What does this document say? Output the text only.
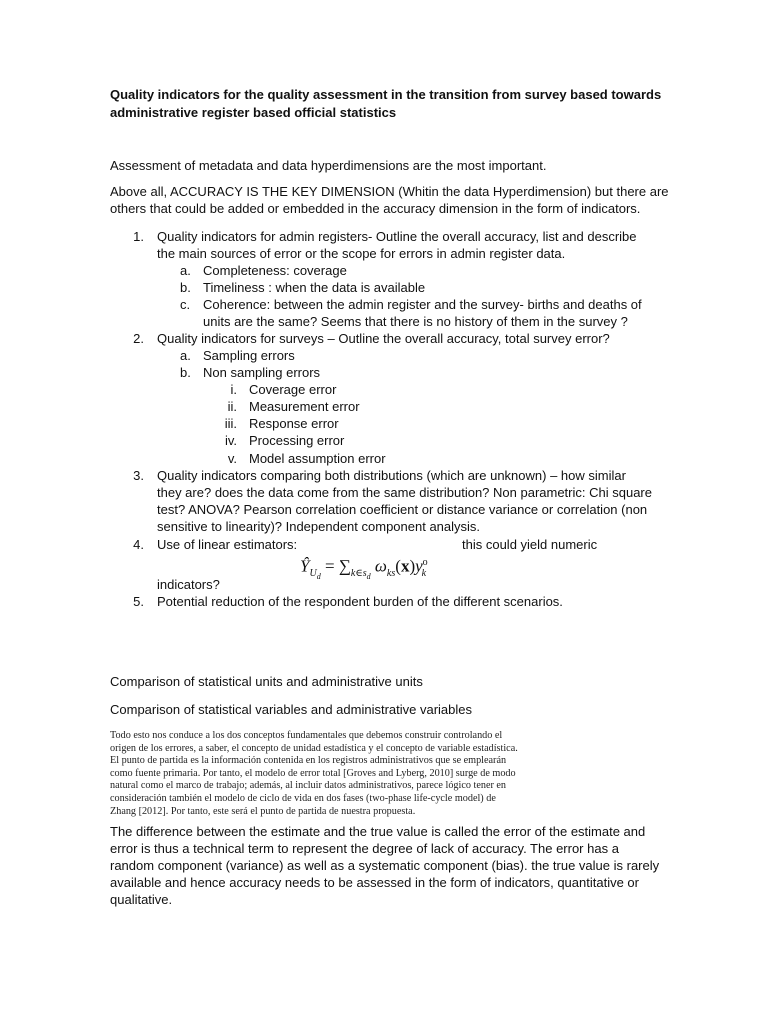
Quality indicators for the quality assessment in the transition from survey based towards
administrative register based official statistics
Assessment of metadata and data hyperdimensions are the most important.
Above all, ACCURACY IS THE KEY DIMENSION (Whitin the data Hyperdimension) but there are
others that could be added or embedded in the accuracy dimension in the form of indicators.
1. Quality indicators for admin registers- Outline the overall accuracy, list and describe
the main sources of error or the scope for errors in admin register data.
a. Completeness: coverage
b. Timeliness : when the data is available
c. Coherence: between the admin register and the survey- births and deaths of
units are the same? Seems that there is no history of them in the survey ?
2. Quality indicators for surveys – Outline the overall accuracy, total survey error?
a. Sampling errors
b. Non sampling errors
i. Coverage error
ii. Measurement error
iii. Response error
iv. Processing error
v. Model assumption error
3. Quality indicators comparing both distributions (which are unknown) – how similar
they are? does the data come from the same distribution? Non parametric: Chi square
test? ANOVA? Pearson correlation coefficient or distance variance or correlation (non
sensitive to linearity)? Independent component analysis.
4. Use of linear estimators:	this could yield numeric
$Ŷ_{U_d} = \sum_{k\in s_d}$ $\omega_{ks}(x)y^o_k$
indicators?
5. Potential reduction of the respondent burden of the different scenarios.
Comparison of statistical units and administrative units
Comparison of statistical variables and administrative variables
Todo esto nos conduce a los dos conceptos fundamentales que debemos construir controlando el
origen de los errores, a saber, el concepto de unidad estadística y el concepto de variable estadística.
El punto de partida es la información contenida en los registros administrativos que se emplearán
como fuente primaria. Por tanto, el modelo de error total [Groves and Lyberg, 2010] surge de modo
natural como el marco de trabajo; además, al incluir datos administrativos, parece lógico tener en
consideración también el modelo de ciclo de vida en dos fases (two-phase life-cycle model) de
Zhang [2012]. Por tanto, este será el punto de partida de nuestra propuesta.
The difference between the estimate and the true value is called the error of the estimate and
error is thus a technical term to represent the degree of lack of accuracy. The error has a
random component (variance) as well as a systematic component (bias). the true value is rarely
available and hence accuracy needs to be assessed in the form of indicators, quantitative or
qualitative.
